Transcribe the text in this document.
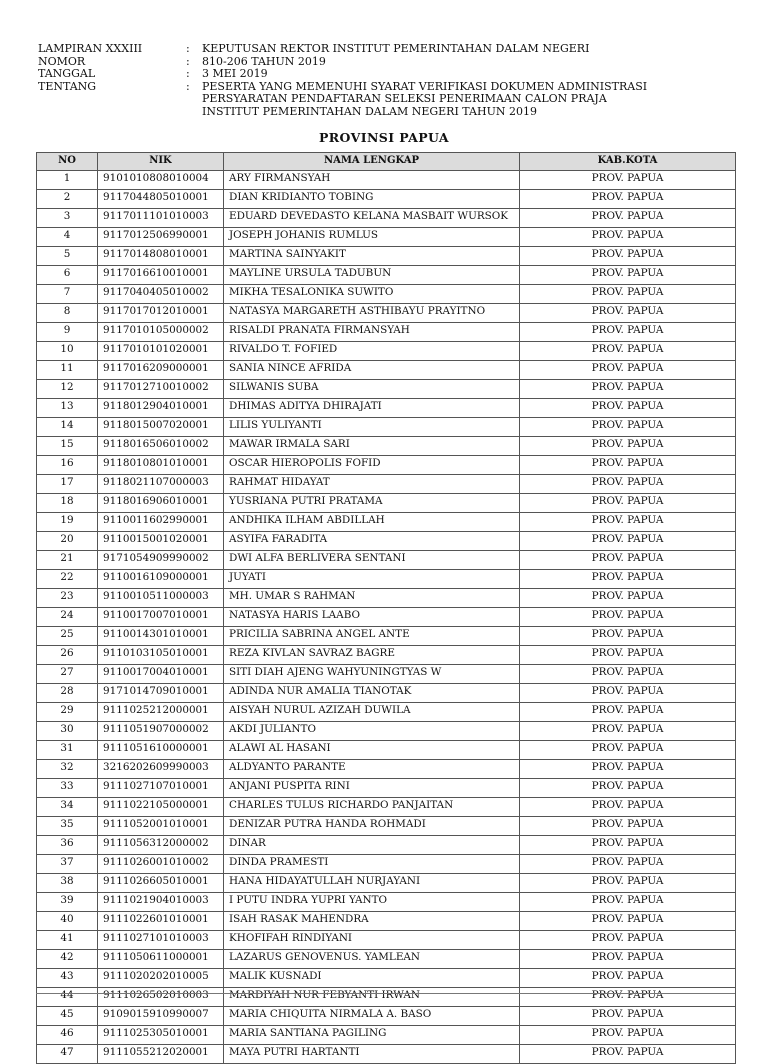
LAMPIRAN XXXIII	:	KEPUTUSAN REKTOR INSTITUT PEMERINTAHAN DALAM NEGERI
NOMOR	:	810-206 TAHUN 2019
TANGGAL	:	3 MEI 2019
TENTANG	:	PESERTA YANG MEMENUHI SYARAT VERIFIKASI DOKUMEN ADMINISTRASI
PERSYARATAN PENDAFTARAN SELEKSI PENERIMAAN CALON PRAJA
INSTITUT PEMERINTAHAN DALAM NEGERI TAHUN 2019
PROVINSI PAPUA
NO	NIK	NAMA LENGKAP	KAB.KOTA
1	9101010808010004	ARY FIRMANSYAH	PROV. PAPUA
2	9117044805010001	DIAN KRIDIANTO TOBING	PROV. PAPUA
3	9117011101010003	EDUARD DEVEDASTO KELANA MASBAIT WURSOK	PROV. PAPUA
4	9117012506990001	JOSEPH JOHANIS RUMLUS	PROV. PAPUA
5	9117014808010001	MARTINA SAINYAKIT	PROV. PAPUA
6	9117016610010001	MAYLINE URSULA TADUBUN	PROV. PAPUA
7	9117040405010002	MIKHA TESALONIKA SUWITO	PROV. PAPUA
8	9117017012010001	NATASYA MARGARETH ASTHIBAYU PRAYITNO	PROV. PAPUA
9	9117010105000002	RISALDI PRANATA FIRMANSYAH	PROV. PAPUA
10	9117010101020001	RIVALDO T. FOFIED	PROV. PAPUA
11	9117016209000001	SANIA NINCE AFRIDA	PROV. PAPUA
12	9117012710010002	SILWANIS SUBA	PROV. PAPUA
13	9118012904010001	DHIMAS ADITYA DHIRAJATI	PROV. PAPUA
14	9118015007020001	LILIS YULIYANTI	PROV. PAPUA
15	9118016506010002	MAWAR IRMALA SARI	PROV. PAPUA
16	9118010801010001	OSCAR HIEROPOLIS FOFID	PROV. PAPUA
17	9118021107000003	RAHMAT HIDAYAT	PROV. PAPUA
18	9118016906010001	YUSRIANA PUTRI PRATAMA	PROV. PAPUA
19	9110011602990001	ANDHIKA ILHAM ABDILLAH	PROV. PAPUA
20	9110015001020001	ASYIFA FARADITA	PROV. PAPUA
21	9171054909990002	DWI ALFA BERLIVERA SENTANI	PROV. PAPUA
22	9110016109000001	JUYATI	PROV. PAPUA
23	9110010511000003	MH. UMAR S RAHMAN	PROV. PAPUA
24	9110017007010001	NATASYA HARIS LAABO	PROV. PAPUA
25	9110014301010001	PRICILIA SABRINA ANGEL ANTE	PROV. PAPUA
26	9110103105010001	REZA KIVLAN SAVRAZ BAGRE	PROV. PAPUA
27	9110017004010001	SITI DIAH AJENG WAHYUNINGTYAS W	PROV. PAPUA
28	9171014709010001	ADINDA NUR AMALIA TIANOTAK	PROV. PAPUA
29	9111025212000001	AISYAH NURUL AZIZAH DUWILA	PROV. PAPUA
30	9111051907000002	AKDI JULIANTO	PROV. PAPUA
31	9111051610000001	ALAWI AL HASANI	PROV. PAPUA
32	3216202609990003	ALDYANTO PARANTE	PROV. PAPUA
33	9111027107010001	ANJANI PUSPITA RINI	PROV. PAPUA
34	9111022105000001	CHARLES TULUS RICHARDO PANJAITAN	PROV. PAPUA
35	9111052001010001	DENIZAR PUTRA HANDA ROHMADI	PROV. PAPUA
36	9111056312000002	DINAR	PROV. PAPUA
37	9111026001010002	DINDA PRAMESTI	PROV. PAPUA
38	9111026605010001	HANA HIDAYATULLAH NURJAYANI	PROV. PAPUA
39	9111021904010003	I PUTU INDRA YUPRI YANTO	PROV. PAPUA
40	9111022601010001	ISAH RASAK MAHENDRA	PROV. PAPUA
41	9111027101010003	KHOFIFAH RINDIYANI	PROV. PAPUA
42	9111050611000001	LAZARUS GENOVENUS. YAMLEAN	PROV. PAPUA
43	9111020202010005	MALIK KUSNADI	PROV. PAPUA
44	9111026502010003	MARDIYAH NUR FEBYANTI IRWAN	PROV. PAPUA
45	9109015910990007	MARIA CHIQUITA NIRMALA A. BASO	PROV. PAPUA
46	9111025305010001	MARIA SANTIANA PAGILING	PROV. PAPUA
47	9111055212020001	MAYA PUTRI HARTANTI	PROV. PAPUA
